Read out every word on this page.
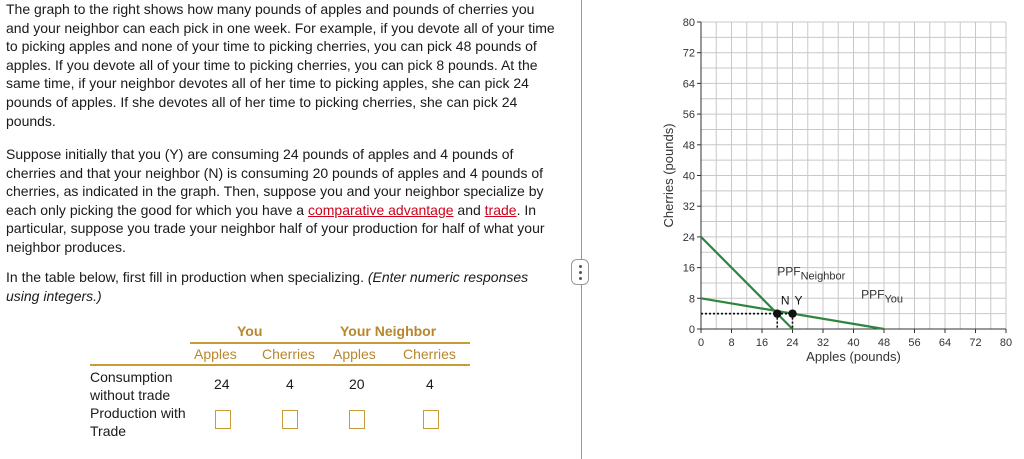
The graph to the right shows how many pounds of apples and pounds of cherries you and your neighbor can each pick in one week. For example, if you devote all of your time to picking apples and none of your time to picking cherries, you can pick 48 pounds of apples. If you devote all of your time to picking cherries, you can pick 8 pounds. At the same time, if your neighbor devotes all of her time to picking apples, she can pick 24 pounds of apples. If she devotes all of her time to picking cherries, she can pick 24 pounds.

Suppose initially that you (Y) are consuming 24 pounds of apples and 4 pounds of cherries and that your neighbor (N) is consuming 20 pounds of apples and 4 pounds of cherries, as indicated in the graph. Then, suppose you and your neighbor specialize by each only picking the good for which you have a comparative advantage and trade. In particular, suppose you trade your neighbor half of your production for half of what your neighbor produces.

In the table below, first fill in production when specializing. (Enter numeric responses using integers.)

You	Your Neighbor
Apples Cherries Apples Cherries
Consumption without trade
24	4	20	4
Production with Trade
0
8
16
24
32
40
48
56
64
72
80
0 8 16 24 32 40 48 56 64 72 80
PPFNeighbor
PPFYou
N Y
Cherries (pounds)
Apples (pounds)
